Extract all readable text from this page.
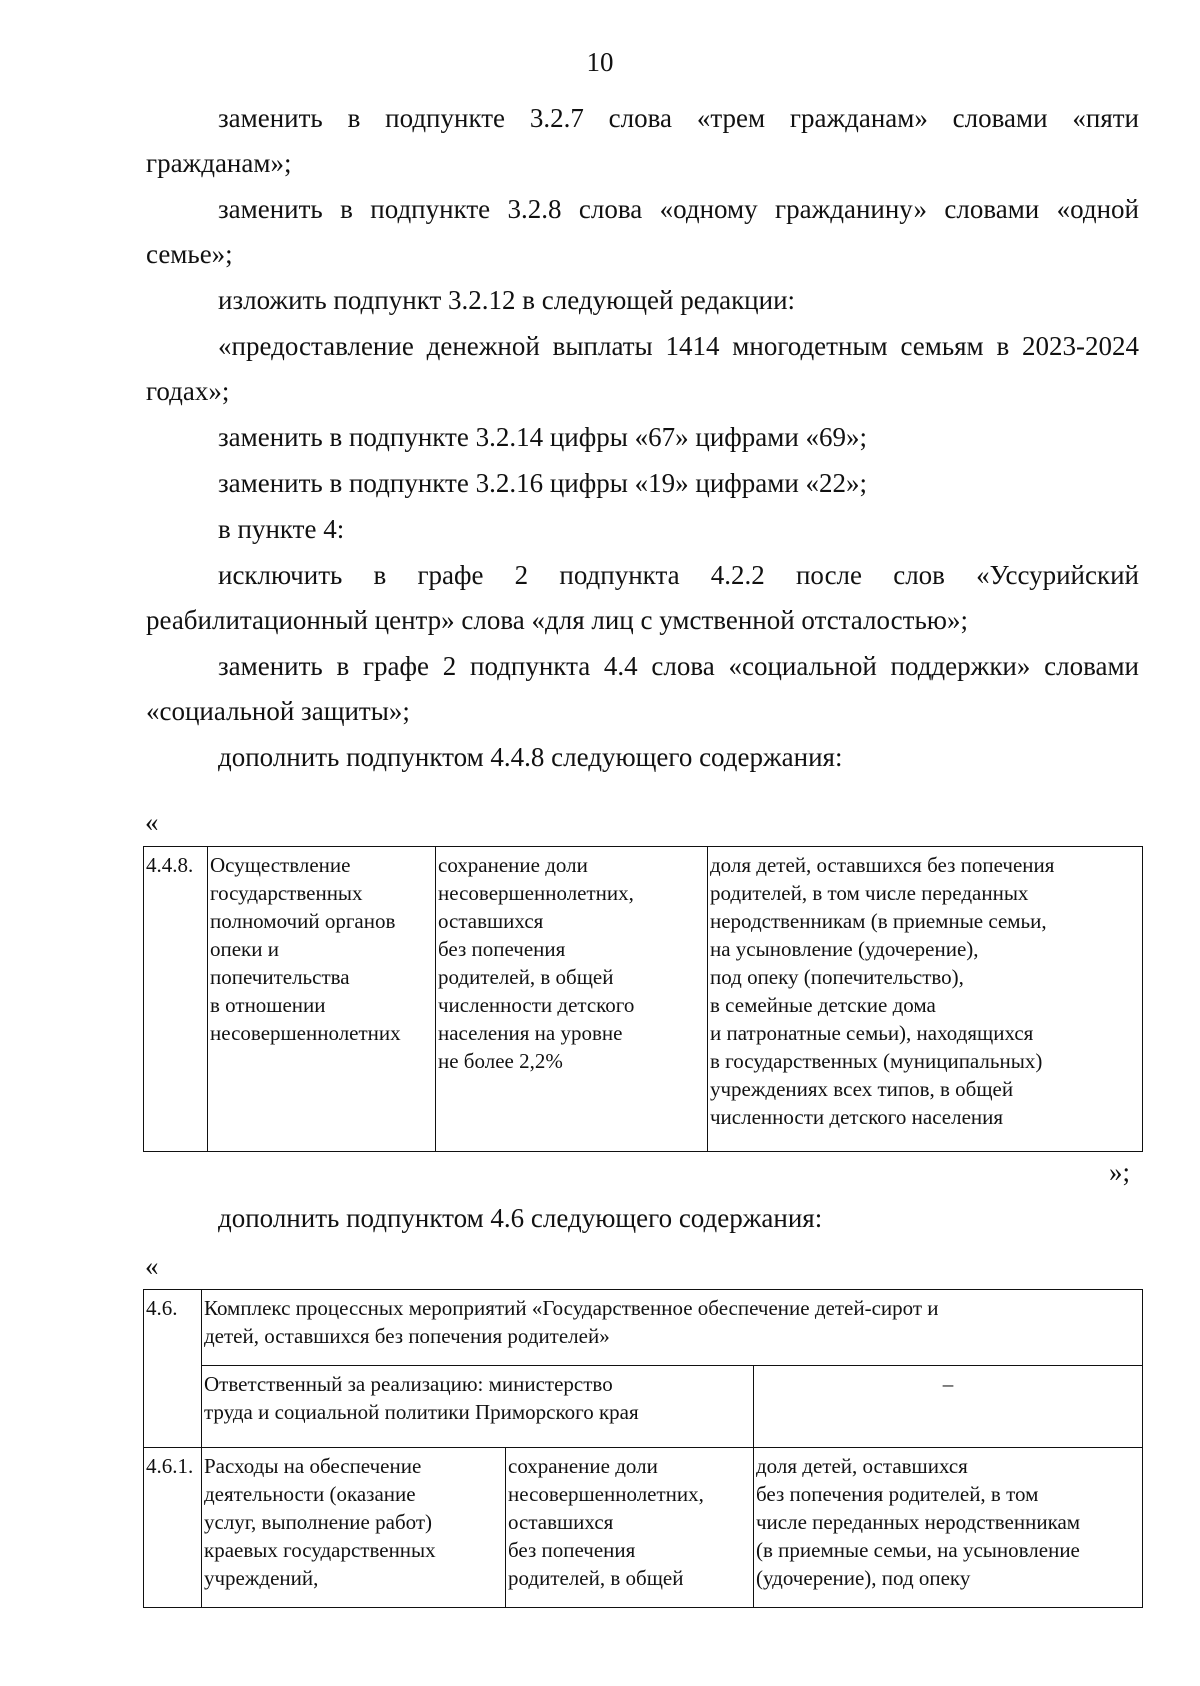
10

заменить в подпункте 3.2.7 слова «трем гражданам» словами «пяти гражданам»;

заменить в подпункте 3.2.8 слова «одному гражданину» словами «одной семье»;

изложить подпункт 3.2.12 в следующей редакции:

«предоставление денежной выплаты 1414 многодетным семьям в 2023-2024 годах»;

заменить в подпункте 3.2.14 цифры «67» цифрами «69»;

заменить в подпункте 3.2.16 цифры «19» цифрами «22»;

в пункте 4:

исключить в графе 2 подпункта 4.2.2 после слов «Уссурийский реабилитационный центр» слова «для лиц с умственной отсталостью»;

заменить в графе 2 подпункта 4.4 слова «социальной поддержки» словами «социальной защиты»;

дополнить подпунктом 4.4.8 следующего содержания:

«
4.4.8.	Осуществление
государственных
полномочий органов
опеки и
попечительства
в отношении
несовершеннолетних	сохранение доли
несовершеннолетних,
оставшихся
без попечения
родителей, в общей
численности детского
населения на уровне
не более 2,2%	доля детей, оставшихся без попечения
родителей, в том числе переданных
неродственникам (в приемные семьи,
на усыновление (удочерение),
под опеку (попечительство),
в семейные детские дома
и патронатные семьи), находящихся
в государственных (муниципальных)
учреждениях всех типов, в общей
численности детского населения
»;

дополнить подпунктом 4.6 следующего содержания:

«
4.6.	Комплекс процессных мероприятий «Государственное обеспечение детей-сирот и
детей, оставшихся без попечения родителей»		
	Ответственный за реализацию: министерство
труда и социальной политики Приморского края		–
4.6.1.	Расходы на обеспечение
деятельности (оказание
услуг, выполнение работ)
краевых государственных
учреждений,	сохранение доли
несовершеннолетних,
оставшихся
без попечения
родителей, в общей	доля детей, оставшихся
без попечения родителей, в том
числе переданных неродственникам
(в приемные семьи, на усыновление
(удочерение), под опеку
